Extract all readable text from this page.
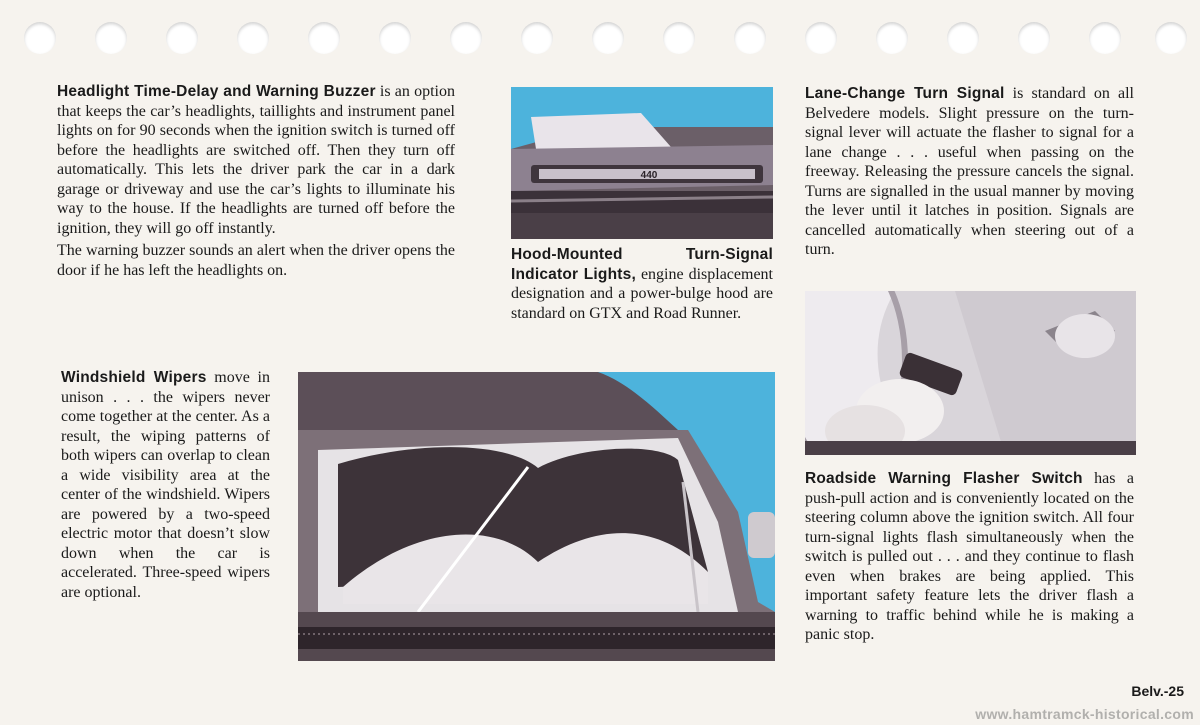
Headlight Time-Delay and Warning Buzzer is an option that keeps the car’s headlights, taillights and instrument panel lights on for 90 seconds when the ignition switch is turned off before the headlights are switched off. Then they turn off automatically. This lets the driver park the car in a dark garage or driveway and use the car’s lights to illuminate his way to the house. If the headlights are turned off before the ignition, they will go off instantly.

The warning buzzer sounds an alert when the driver opens the door if he has left the headlights on.

440

Hood-Mounted Turn-Signal Indicator Lights, engine displacement designation and a power-bulge hood are standard on GTX and Road Runner.

Lane-Change Turn Signal is standard on all Belvedere models. Slight pressure on the turn-signal lever will actuate the flasher to signal for a lane change . . . useful when passing on the freeway. Releasing the pressure cancels the signal. Turns are signalled in the usual manner by moving the lever until it latches in position. Signals are cancelled automatically when steering out of a turn.

Roadside Warning Flasher Switch has a push-pull action and is conveniently located on the steering column above the ignition switch. All four turn-signal lights flash simultaneously when the switch is pulled out . . . and they continue to flash even when brakes are being applied. This important safety feature lets the driver flash a warning to traffic behind while he is making a panic stop.

Windshield Wipers move in unison . . . the wipers never come together at the center. As a result, the wiping patterns of both wipers can overlap to clean a wide visibility area at the center of the windshield. Wipers are powered by a two-speed electric motor that doesn’t slow down when the car is accelerated. Three-speed wipers are optional.

Belv.-25
www.hamtramck-historical.com
